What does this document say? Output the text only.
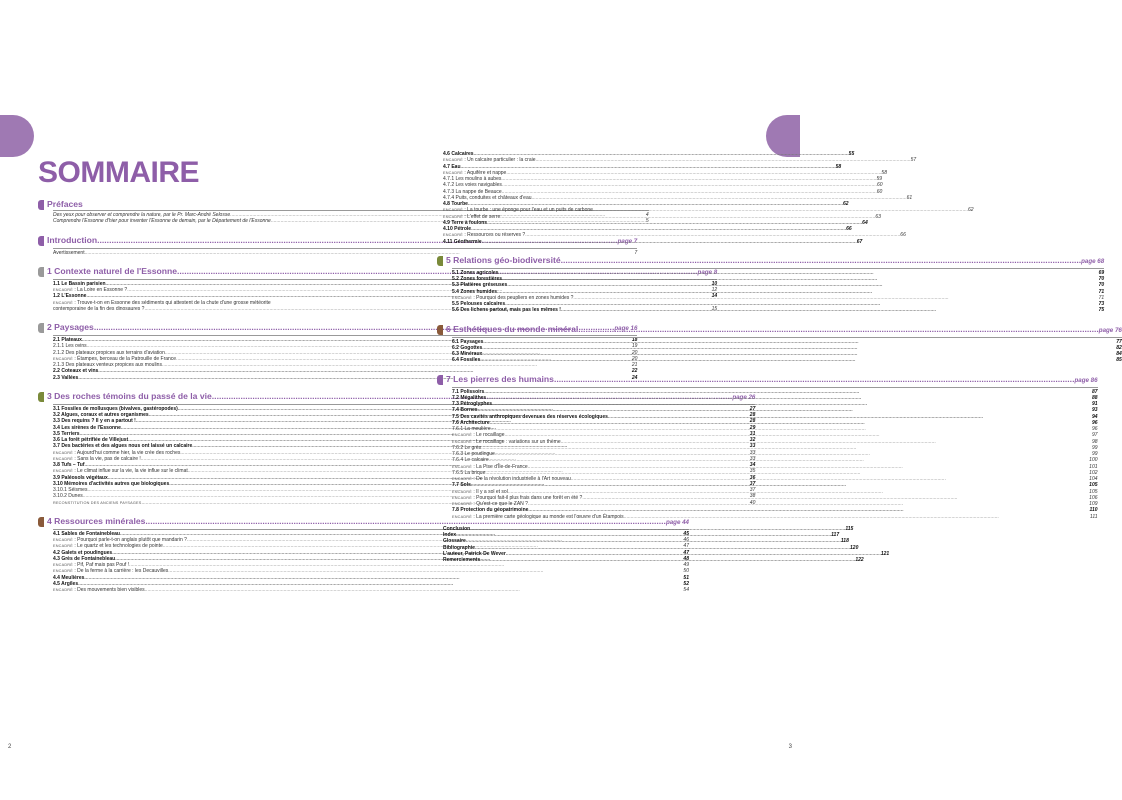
SOMMAIRE
Préfaces
Des yeux pour observer et comprendre la nature, par le Pr. Marc-André Selosse .....	4
Comprendre l'Essonne d'hier pour inventer l'Essonne de demain, par le Département de l'Essonne .....	5
Introduction .....	page 7
Avertissement .....	7
1 Contexte naturel de l'Essonne .....	page 8
1.1 Le Bassin parisien .....	10
ENCADRÉ : La Loire en Essonne ? .....	12
1.2 L'Essonne .....	14
ENCADRÉ : Trouve-t-on en Essonne des sédiments qui attestent de la chute d'une grosse météorite
contemporaine de la fin des dinosaures ? .....	15
2 Paysages .....	page 16
2.1 Plateaux .....	18
2.1.1 Les ovins .....	19
2.1.2 Des plateaux propices aux terrains d'aviation .....	20
ENCADRÉ : Étampes, berceau de la Patrouille de France .....	20
2.1.3 Des plateaux venteux propices aux moulins .....	21
2.2 Coteaux et vins .....	22
2.3 Vallées .....	24
3 Des roches témoins du passé de la vie .....	page 26
3.1 Fossiles de mollusques (bivalves, gastéropodes) .....	27
3.2 Algues, coraux et autres organismes .....	28
3.3 Des requins ? Il y en a partout ! .....	28
3.4 Les sirènes de l'Essonne .....	29
3.5 Terriers .....	31
3.6 La forêt pétrifiée de Villejust .....	32
3.7 Des bactéries et des algues nous ont laissé un calcaire .....	33
ENCADRÉ : Aujourd'hui comme hier, la vie crée des roches .....	33
ENCADRÉ : Sans la vie, pas de calcaire ! .....	33
3.8 Tufs – Tuf .....	34
ENCADRÉ : Le climat influe sur la vie, la vie influe sur le climat .....	35
3.9 Paléosols végétaux .....	36
3.10 Mémoires d'activités autres que biologiques .....	37
3.10.1 Séismes .....	37
3.10.2 Dunes .....	38
RECONSTITUTION DES ANCIENS PAYSAGES .....	40
4 Ressources minérales .....	page 44
4.1 Sables de Fontainebleau .....	45
ENCADRÉ : Pourquoi parle-t-on anglais plutôt que mandarin ? .....	46
ENCADRÉ : Le quartz et les technologies de pointe .....	47
4.2 Galets et poudingues .....	47
4.3 Grès de Fontainebleau .....	48
ENCADRÉ : Pif, Paf mais pas Pouf ! .....	49
ENCADRÉ : De la ferme à la carrière : les Decauvilles .....	50
4.4 Meulières .....	51
4.5 Argiles .....	52
ENCADRÉ : Des mouvements bien visibles .....	54
4.6 Calcaires .....	55
ENCADRÉ : Un calcaire particulier : la craie .....	57
4.7 Eau .....	58
ENCADRÉ : Aquifère et nappe .....	58
4.7.1 Les moulins à aubes .....	59
4.7.2 Les voies navigables .....	60
4.7.3 La nappe de Beauce .....	60
4.7.4 Puits, conduites et châteaux d'eau .....	61
4.8 Tourbe .....	62
ENCADRÉ : La tourbe : une éponge pour l'eau et un puits de carbone .....	62
ENCADRÉ : L'effet de serre .....	63
4.9 Terre à foulons .....	64
4.10 Pétrole .....	66
ENCADRÉ : Ressources ou réserves ? .....	66
4.11 Géothermie .....	67
5 Relations géo-biodiversité .....	page 68
5.1 Zones agricoles .....	69
5.2 Zones forestières .....	70
5.3 Platières gréseuses .....	70
5.4 Zones humides .....	71
ENCADRÉ : Pourquoi des peupliers en zones humides ? .....	71
5.5 Pelouses calcaires .....	73
5.6 Des lichens partout, mais pas les mêmes ! .....	75
6 Esthétiques du monde minéral .....	page 76
6.1 Paysages .....	77
6.2 Gogottes .....	82
6.3 Minéraux .....	84
6.4 Fossiles .....	85
7 Les pierres des humains .....	page 86
7.1 Polissoirs .....	87
7.2 Mégalithes .....	88
7.3 Pétroglyphes .....	91
7.4 Bornes .....	93
7.5 Des cavités anthropiques devenues des réserves écologiques .....	94
7.6 Architecture .....	96
7.6.1 La meulière .....	96
ENCADRÉ : Le rocaillage .....	97
ENCADRÉ : Le rocaillage : variations sur un thème .....	98
7.6.2 Le grès .....	99
7.6.3 Le poudingue .....	99
7.6.4 Le calcaire .....	100
ENCADRÉ : La Pise d'Île-de-France .....	101
7.6.5 La brique .....	102
ENCADRÉ : De la révolution industrielle à l'Art nouveau .....	104
7.7 Sols .....	105
ENCADRÉ : Il y a sol et sol .....	105
ENCADRÉ : Pourquoi fait-il plus frais dans une forêt en été ? .....	106
ENCADRÉ : Qu'est-ce que le ZAN ? .....	109
7.8 Protection du géopatrimoine .....	110
ENCADRÉ : La première carte géologique au monde est l'œuvre d'un Étampois .....	111
Conclusion .....	115
Index .....	117
Glossaire .....	118
Bibliographie .....	120
L'auteur, Patrick De Wever .....	121
Remerciements .....	122
2	3
